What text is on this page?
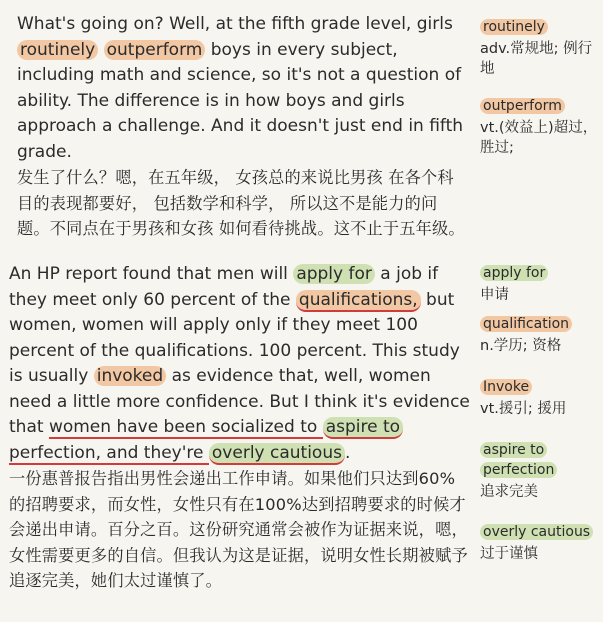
What's going on? Well, at the fifth grade level, girls routinely outperform boys in every subject, including math and science, so it's not a question of ability. The difference is in how boys and girls approach a challenge. And it doesn't just end in fifth grade.
发生了什么？嗯，在五年级， 女孩总的来说比男孩 在各个科目的表现都要好， 包括数学和科学， 所以这不是能力的问题。不同点在于男孩和女孩 如何看待挑战。这不止于五年级。
An HP report found that men will apply for a job if they meet only 60 percent of the qualifications, but women, women will apply only if they meet 100 percent of the qualifications. 100 percent. This study is usually invoked as evidence that, well, women need a little more confidence. But I think it's evidence that women have been socialized to aspire to perfection, and they're overly cautious .
一份惠普报告指出男性会递出工作申请。如果他们只达到60%的招聘要求，而女性，女性只有在100%达到招聘要求的时候才会递出申请。百分之百。这份研究通常会被作为证据来说，嗯，女性需要更多的自信。但我认为这是证据，说明女性长期被赋予追逐完美，她们太过谨慎了。
routinely
adv.常规地; 例行地
outperform
vt.(效益上)超过，胜过;
apply for
申请
qualification
n.学历; 资格
Invoke
vt.援引; 援用
aspire to perfection
追求完美
overly cautious
过于谨慎
